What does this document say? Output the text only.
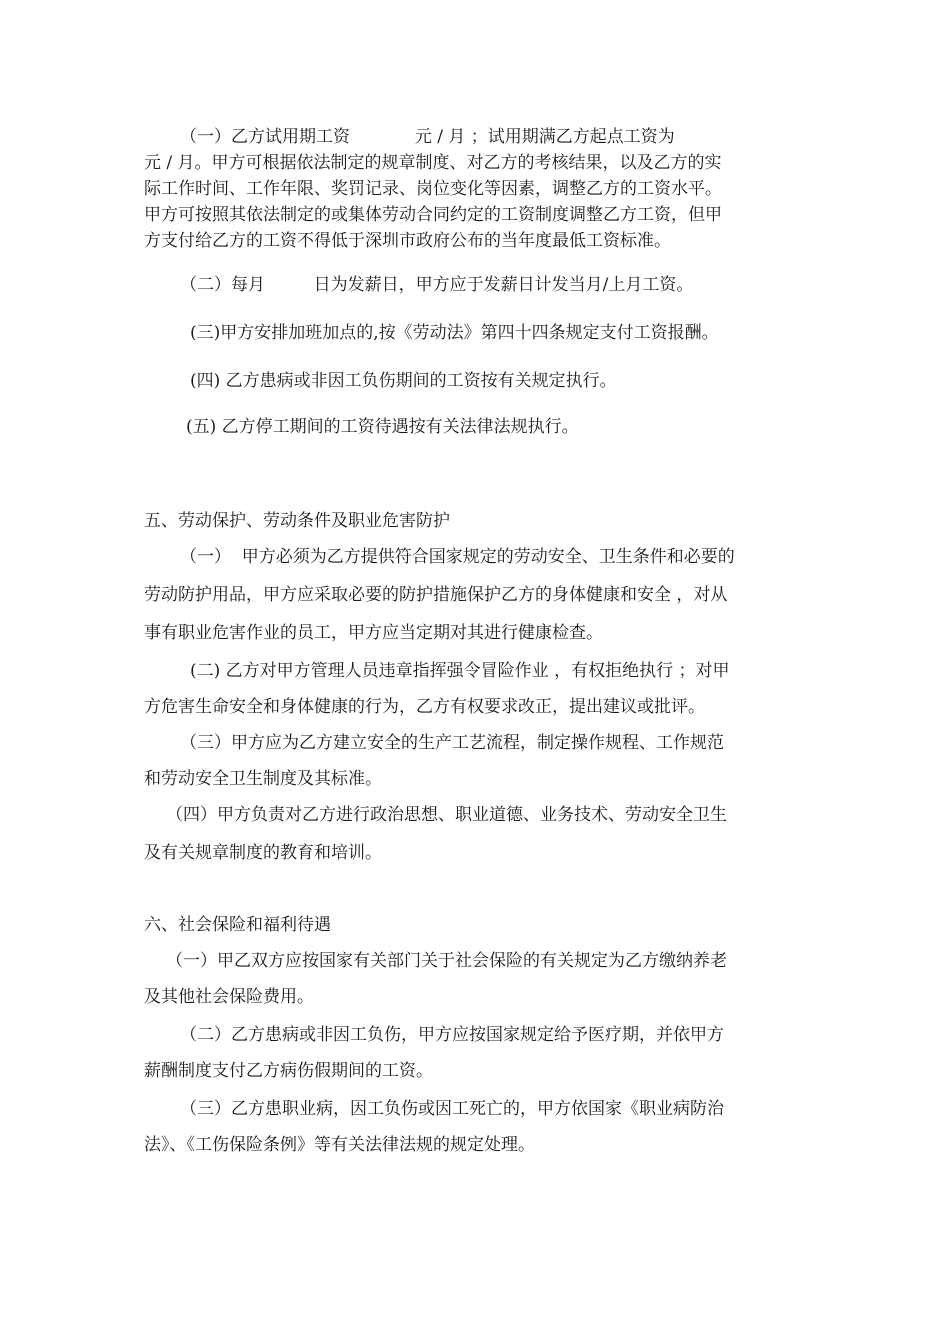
（一）乙方试用期工资            元 / 月 ；试用期满乙方起点工资为
元 / 月。甲方可根据依法制定的规章制度、对乙方的考核结果，以及乙方的实
际工作时间、工作年限、奖罚记录、岗位变化等因素，调整乙方的工资水平。
甲方可按照其依法制定的或集体劳动合同约定的工资制度调整乙方工资，但甲
方支付给乙方的工资不得低于深圳市政府公布的当年度最低工资标准。
（二）每月         日为发薪日，甲方应于发薪日计发当月/上月工资。
(三)甲方安排加班加点的,按《劳动法》第四十四条规定支付工资报酬。
(四) 乙方患病或非因工负伤期间的工资按有关规定执行。
(五) 乙方停工期间的工资待遇按有关法律法规执行。
五、劳动保护、劳动条件及职业危害防护
（一）  甲方必须为乙方提供符合国家规定的劳动安全、卫生条件和必要的
劳动防护用品，甲方应采取必要的防护措施保护乙方的身体健康和安全 ，对从
事有职业危害作业的员工，甲方应当定期对其进行健康检查。
(二) 乙方对甲方管理人员违章指挥强令冒险作业 ，有权拒绝执行 ；对甲
方危害生命安全和身体健康的行为，乙方有权要求改正，提出建议或批评。
（三）甲方应为乙方建立安全的生产工艺流程，制定操作规程、工作规范
和劳动安全卫生制度及其标准。
（四）甲方负责对乙方进行政治思想、职业道德、业务技术、劳动安全卫生
及有关规章制度的教育和培训。
六、社会保险和福利待遇
（一）甲乙双方应按国家有关部门关于社会保险的有关规定为乙方缴纳养老
及其他社会保险费用。
（二）乙方患病或非因工负伤，甲方应按国家规定给予医疗期，并依甲方
薪酬制度支付乙方病伤假期间的工资。
（三）乙方患职业病，因工负伤或因工死亡的，甲方依国家《职业病防治
法》、《工伤保险条例》等有关法律法规的规定处理。
